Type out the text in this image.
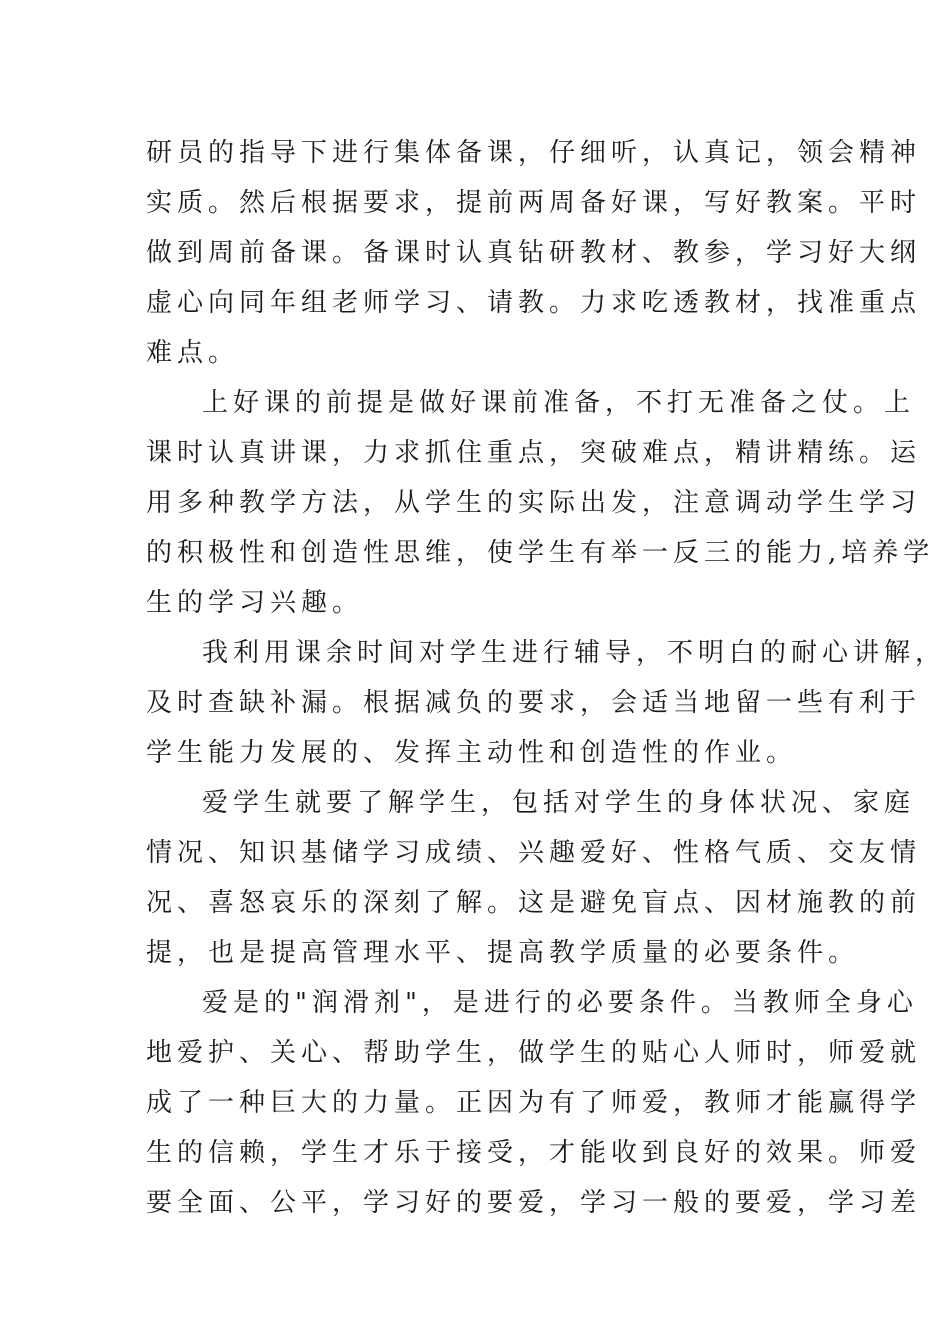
研员的指导下进行集体备课，仔细听，认真记，领会精神
实质。然后根据要求，提前两周备好课，写好教案。平时
做到周前备课。备课时认真钻研教材、教参，学习好大纲
虚心向同年组老师学习、请教。力求吃透教材，找准重点
难点。
上好课的前提是做好课前准备，不打无准备之仗。上
课时认真讲课，力求抓住重点，突破难点，精讲精练。运
用多种教学方法，从学生的实际出发，注意调动学生学习
的积极性和创造性思维，使学生有举一反三的能力,培养学
生的学习兴趣。
我利用课余时间对学生进行辅导，不明白的耐心讲解，
及时查缺补漏。根据减负的要求，会适当地留一些有利于
学生能力发展的、发挥主动性和创造性的作业。
爱学生就要了解学生，包括对学生的身体状况、家庭
情况、知识基储学习成绩、兴趣爱好、性格气质、交友情
况、喜怒哀乐的深刻了解。这是避免盲点、因材施教的前
提，也是提高管理水平、提高教学质量的必要条件。
爱是的"润滑剂"，是进行的必要条件。当教师全身心
地爱护、关心、帮助学生，做学生的贴心人师时，师爱就
成了一种巨大的力量。正因为有了师爱，教师才能赢得学
生的信赖，学生才乐于接受，才能收到良好的效果。师爱
要全面、公平，学习好的要爱，学习一般的要爱，学习差
